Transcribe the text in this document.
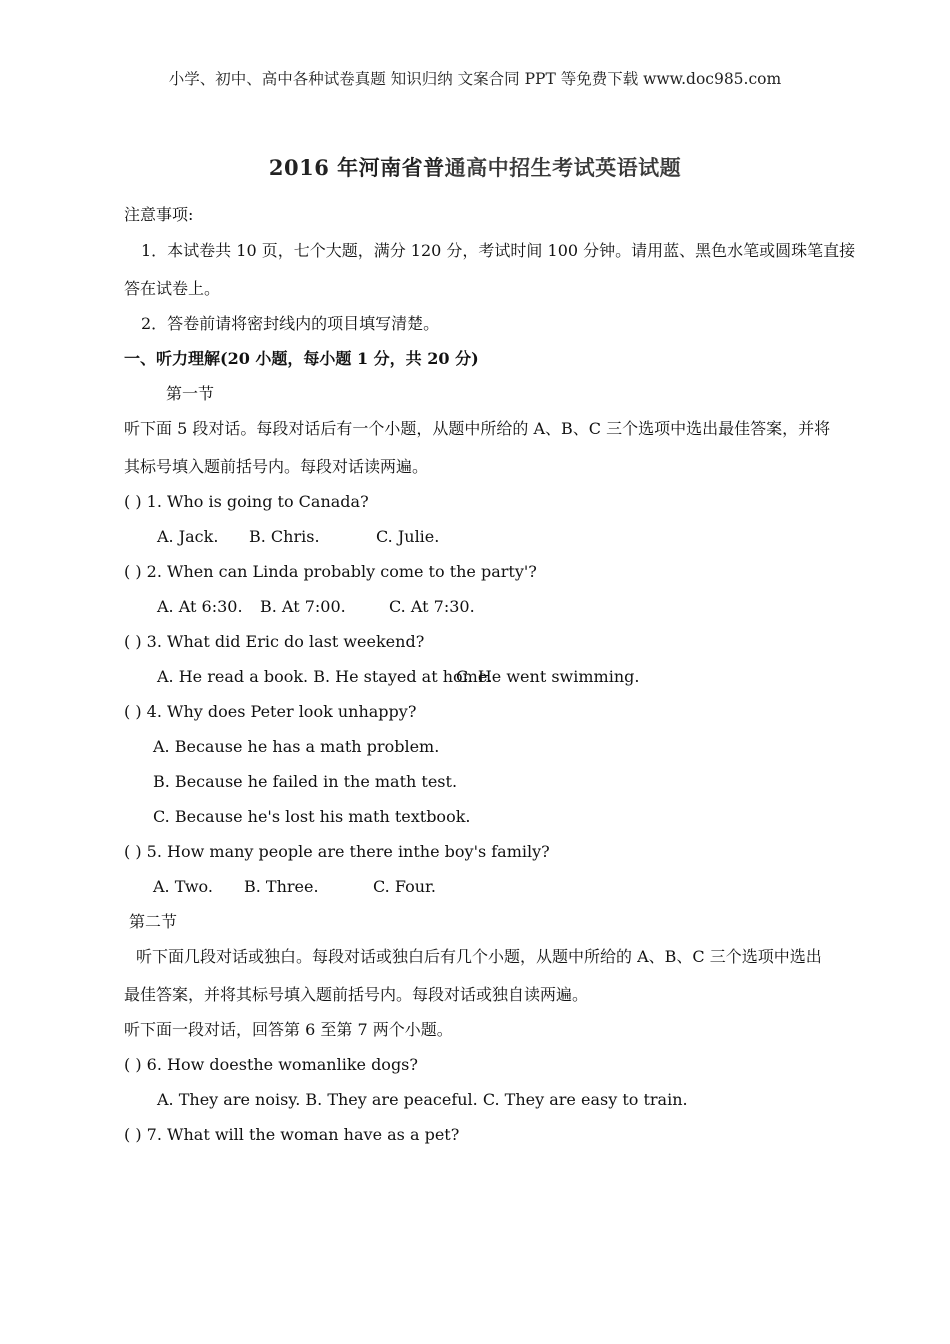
小学、初中、高中各种试卷真题 知识归纳 文案合同 PPT 等免费下载 www.doc985.com
2016 年河南省普通高中招生考试英语试题
注意事项:
1．本试卷共 10 页，七个大题，满分 120 分，考试时间 100 分钟。请用蓝、黑色水笔或圆珠笔直接
答在试卷上。
2．答卷前请将密封线内的项目填写清楚。
一、听力理解(20 小题，每小题 1 分，共 20 分)
第一节
听下面 5 段对话。每段对话后有一个小题，从题中所给的 A、B、C 三个选项中选出最佳答案，并将
其标号填入题前括号内。每段对话读两遍。
( ) 1. Who is going to Canada?
A. Jack. B. Chris.	C. Julie.
( ) 2. When can Linda probably come to the party'?
A. At 6:30. B. At 7:00.	C. At 7:30.
( ) 3. What did Eric do last weekend?
A. He read a book. B. He stayed at home.
C. He went swimming.
( ) 4. Why does Peter look unhappy?
A. Because he has a math problem.
B. Because he failed in the math test.
C. Because he's lost his math textbook.
( ) 5. How many people are there inthe boy's family?
A. Two. B. Three.	C. Four.
第二节
听下面几段对话或独白。每段对话或独白后有几个小题，从题中所给的 A、B、C 三个选项中选出
最佳答案，并将其标号填入题前括号内。每段对话或独自读两遍。
听下面一段对话，回答第 6 至第 7 两个小题。
( ) 6. How doesthe womanlike dogs?
A. They are noisy. B. They are peaceful. C. They are easy to train.
( ) 7. What will the woman have as a pet?
